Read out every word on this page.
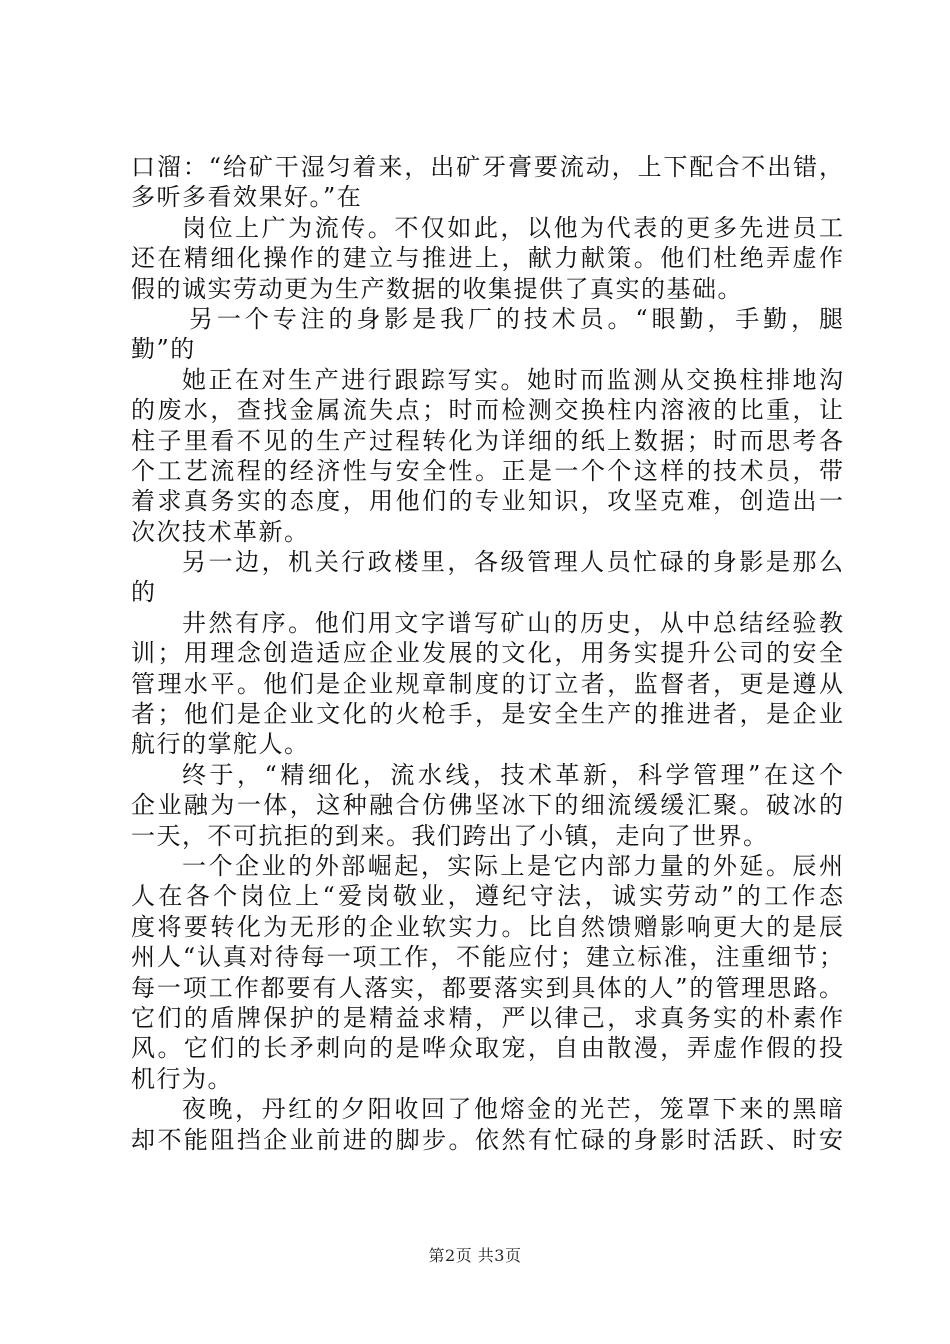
口溜：“给矿干湿匀着来，出矿牙膏要流动，上下配合不出错，
多听多看效果好。”在
岗位上广为流传。不仅如此，以他为代表的更多先进员工
还在精细化操作的建立与推进上，献力献策。他们杜绝弄虚作
假的诚实劳动更为生产数据的收集提供了真实的基础。
另一个专注的身影是我厂的技术员。“眼勤，手勤，腿
勤”的
她正在对生产进行跟踪写实。她时而监测从交换柱排地沟
的废水，查找金属流失点；时而检测交换柱内溶液的比重，让
柱子里看不见的生产过程转化为详细的纸上数据；时而思考各
个工艺流程的经济性与安全性。正是一个个这样的技术员，带
着求真务实的态度，用他们的专业知识，攻坚克难，创造出一
次次技术革新。
另一边，机关行政楼里，各级管理人员忙碌的身影是那么
的
井然有序。他们用文字谱写矿山的历史，从中总结经验教
训；用理念创造适应企业发展的文化，用务实提升公司的安全
管理水平。他们是企业规章制度的订立者，监督者，更是遵从
者；他们是企业文化的火枪手，是安全生产的推进者，是企业
航行的掌舵人。
终于，“精细化，流水线，技术革新，科学管理”在这个
企业融为一体，这种融合仿佛坚冰下的细流缓缓汇聚。破冰的
一天，不可抗拒的到来。我们跨出了小镇，走向了世界。
一个企业的外部崛起，实际上是它内部力量的外延。辰州
人在各个岗位上“爱岗敬业，遵纪守法，诚实劳动”的工作态
度将要转化为无形的企业软实力。比自然馈赠影响更大的是辰
州人“认真对待每一项工作，不能应付；建立标准，注重细节；
每一项工作都要有人落实，都要落实到具体的人”的管理思路。
它们的盾牌保护的是精益求精，严以律己，求真务实的朴素作
风。它们的长矛刺向的是哗众取宠，自由散漫，弄虚作假的投
机行为。
夜晚，丹红的夕阳收回了他熔金的光芒，笼罩下来的黑暗
却不能阻挡企业前进的脚步。依然有忙碌的身影时活跃、时安
第2页 共3页
